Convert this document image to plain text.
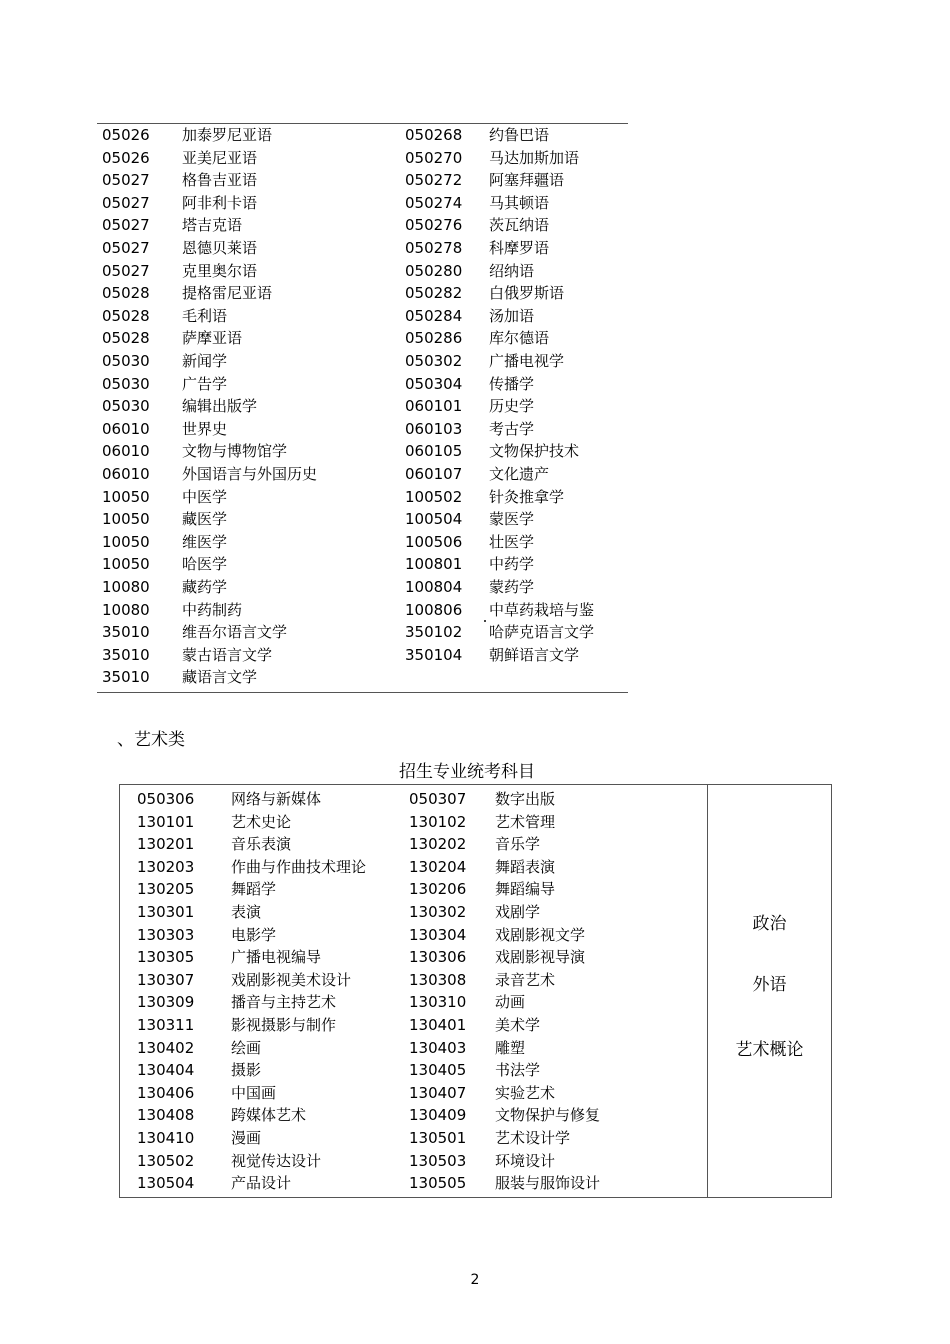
05026 加泰罗尼亚语	050268 约鲁巴语
05026 亚美尼亚语	050270 马达加斯加语
05027 格鲁吉亚语	050272 阿塞拜疆语
05027 阿非利卡语	050274 马其顿语
05027 塔吉克语	050276 茨瓦纳语
05027 恩德贝莱语	050278 科摩罗语
05027 克里奥尔语	050280 绍纳语
05028 提格雷尼亚语	050282 白俄罗斯语
05028 毛利语	050284 汤加语
05028 萨摩亚语	050286 库尔德语
05030 新闻学	050302 广播电视学
05030 广告学	050304 传播学
05030 编辑出版学	060101 历史学
06010 世界史	060103 考古学
06010 文物与博物馆学	060105 文物保护技术
06010 外国语言与外国历史	060107 文化遗产
10050 中医学	100502 针灸推拿学
10050 藏医学	100504 蒙医学
10050 维医学	100506 壮医学
10050 哈医学	100801 中药学
10080 藏药学	100804 蒙药学
10080 中药制药	100806 中草药栽培与鉴
35010 维吾尔语言文学	350102 哈萨克语言文学
35010 蒙古语言文学	350104 朝鲜语言文学
35010 藏语言文学
、艺术类
招生专业统考科目
政治
外语
艺术概论
050306 网络与新媒体	050307 数字出版
130101 艺术史论	130102 艺术管理
130201 音乐表演	130202 音乐学
130203 作曲与作曲技术理论	130204 舞蹈表演
130205 舞蹈学	130206 舞蹈编导
130301 表演	130302 戏剧学
130303 电影学	130304 戏剧影视文学
130305 广播电视编导	130306 戏剧影视导演
130307 戏剧影视美术设计	130308 录音艺术
130309 播音与主持艺术	130310 动画
130311 影视摄影与制作	130401 美术学
130402 绘画	130403 雕塑
130404 摄影	130405 书法学
130406 中国画	130407 实验艺术
130408 跨媒体艺术	130409 文物保护与修复
130410 漫画	130501 艺术设计学
130502 视觉传达设计	130503 环境设计
130504 产品设计	130505 服装与服饰设计
2
